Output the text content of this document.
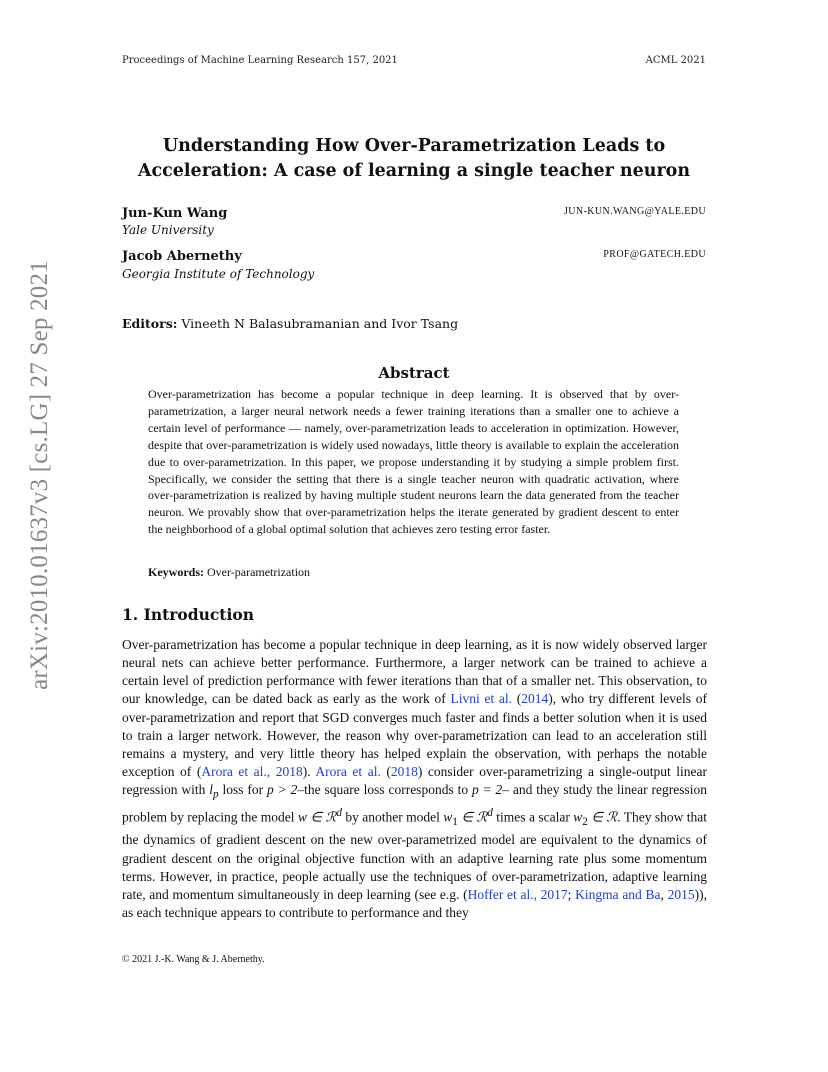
Proceedings of Machine Learning Research 157, 2021	ACML 2021
arXiv:2010.01637v3 [cs.LG] 27 Sep 2021
Understanding How Over-Parametrization Leads to
Acceleration: A case of learning a single teacher neuron
Jun-Kun Wang	JUN-KUN.WANG@YALE.EDU
Yale University
Jacob Abernethy	PROF@GATECH.EDU
Georgia Institute of Technology
Editors: Vineeth N Balasubramanian and Ivor Tsang
Abstract
Over-parametrization has become a popular technique in deep learning. It is observed that by over-parametrization, a larger neural network needs a fewer training iterations than a smaller one to achieve a certain level of performance — namely, over-parametrization leads to acceleration in optimization. However, despite that over-parametrization is widely used nowadays, little theory is available to explain the acceleration due to over-parametrization. In this paper, we propose understanding it by studying a simple problem first. Specifically, we consider the setting that there is a single teacher neuron with quadratic activation, where over-parametrization is realized by having multiple student neurons learn the data generated from the teacher neuron. We provably show that over-parametrization helps the iterate generated by gradient descent to enter the neighborhood of a global optimal solution that achieves zero testing error faster.
Keywords: Over-parametrization
1. Introduction
Over-parametrization has become a popular technique in deep learning, as it is now widely observed larger neural nets can achieve better performance. Furthermore, a larger network can be trained to achieve a certain level of prediction performance with fewer iterations than that of a smaller net. This observation, to our knowledge, can be dated back as early as the work of Livni et al. (2014), who try different levels of over-parametrization and report that SGD converges much faster and finds a better solution when it is used to train a larger network. However, the reason why over-parametrization can lead to an acceleration still remains a mystery, and very little theory has helped explain the observation, with perhaps the notable exception of (Arora et al., 2018). Arora et al. (2018) consider over-parametrizing a single-output linear regression with $l_p$ loss for p > 2–the square loss corresponds to p = 2– and they study the linear regression problem by replacing the model w ∈ ℛ$^d$ by another model $w_1$ ∈ ℛ$^d$ times a scalar $w_2$ ∈ ℛ. They show that the dynamics of gradient descent on the new over-parametrized model are equivalent to the dynamics of gradient descent on the original objective function with an adaptive learning rate plus some momentum terms. However, in practice, people actually use the techniques of over-parametrization, adaptive learning rate, and momentum simultaneously in deep learning (see e.g. (Hoffer et al., 2017; Kingma and Ba, 2015)), as each technique appears to contribute to performance and they
© 2021 J.-K. Wang & J. Abernethy.
